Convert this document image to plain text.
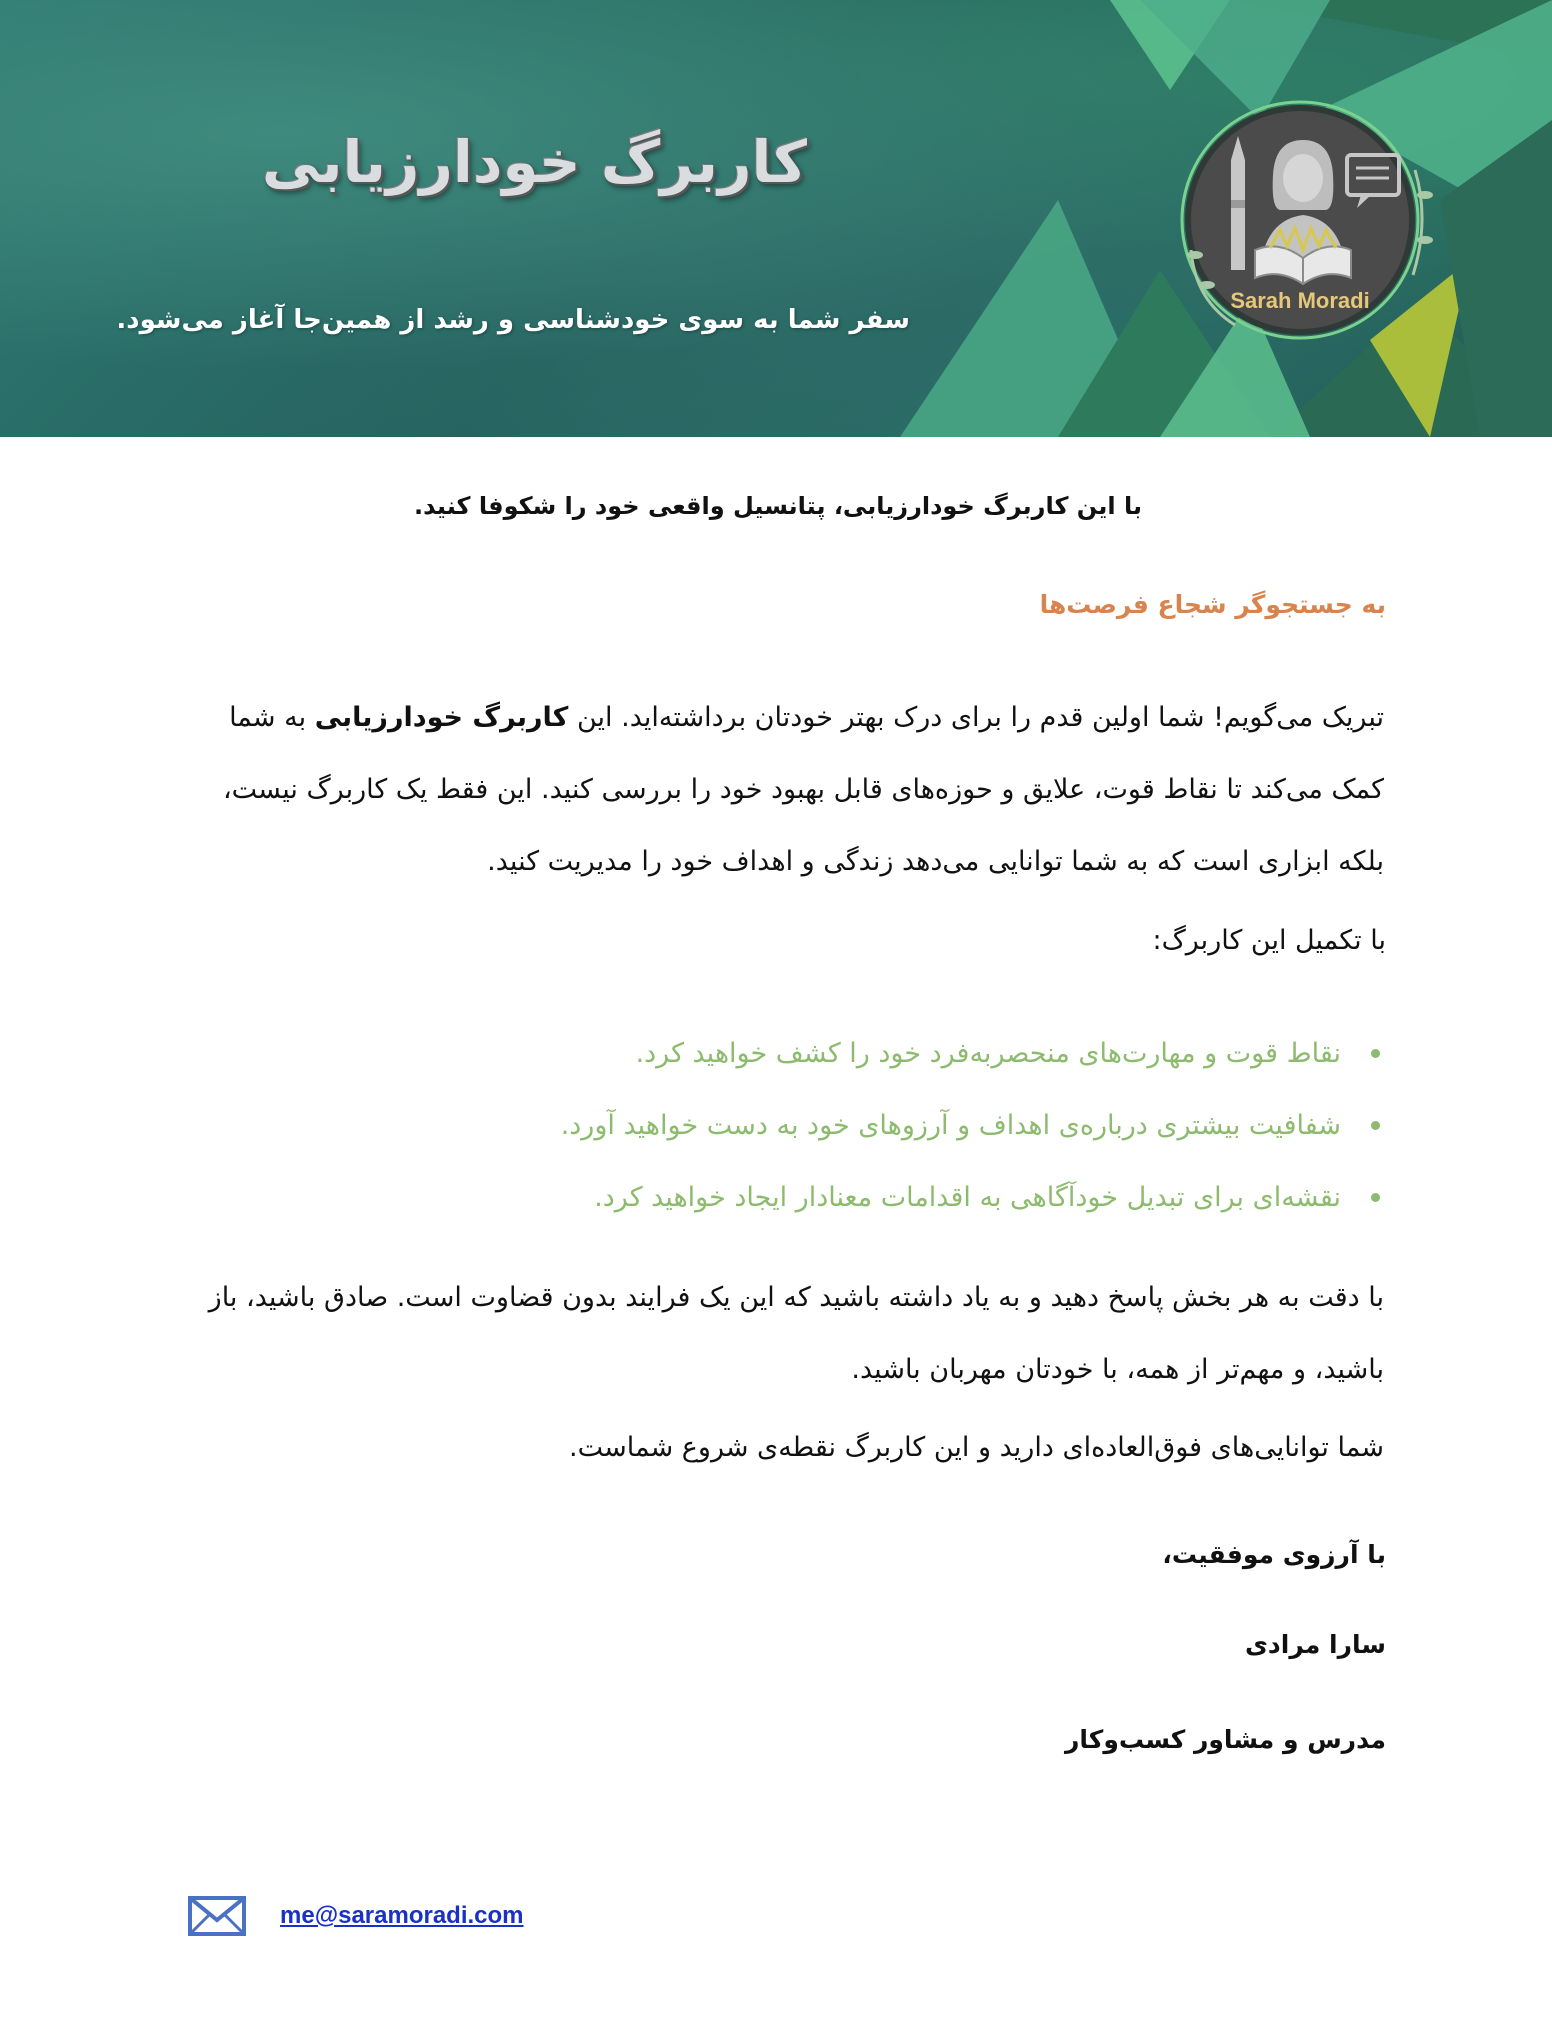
کاربرگ خودارزیابی

سفر شما به سوی خودشناسی و رشد از همین‌جا آغاز می‌شود.

Sarah Moradi

با این کاربرگ خودارزیابی، پتانسیل واقعی خود را شکوفا کنید.

به جستجوگر شجاع فرصت‌ها

تبریک می‌گویم! شما اولین قدم را برای درک بهتر خودتان برداشته‌اید. این کاربرگ خودارزیابی به شما کمک می‌کند تا نقاط قوت، علایق و حوزه‌های قابل بهبود خود را بررسی کنید. این فقط یک کاربرگ نیست، بلکه ابزاری است که به شما توانایی می‌دهد زندگی و اهداف خود را مدیریت کنید.

با تکمیل این کاربرگ:

نقاط قوت و مهارت‌های منحصربه‌فرد خود را کشف خواهید کرد.
شفافیت بیشتری درباره‌ی اهداف و آرزوهای خود به دست خواهید آورد.
نقشه‌ای برای تبدیل خودآگاهی به اقدامات معنادار ایجاد خواهید کرد.

با دقت به هر بخش پاسخ دهید و به یاد داشته باشید که این یک فرایند بدون قضاوت است. صادق باشید، باز باشید، و مهم‌تر از همه، با خودتان مهربان باشید.

شما توانایی‌های فوق‌العاده‌ای دارید و این کاربرگ نقطه‌ی شروع شماست.

با آرزوی موفقیت،

سارا مرادی

مدرس و مشاور کسب‌وکار

me@saramoradi.com
